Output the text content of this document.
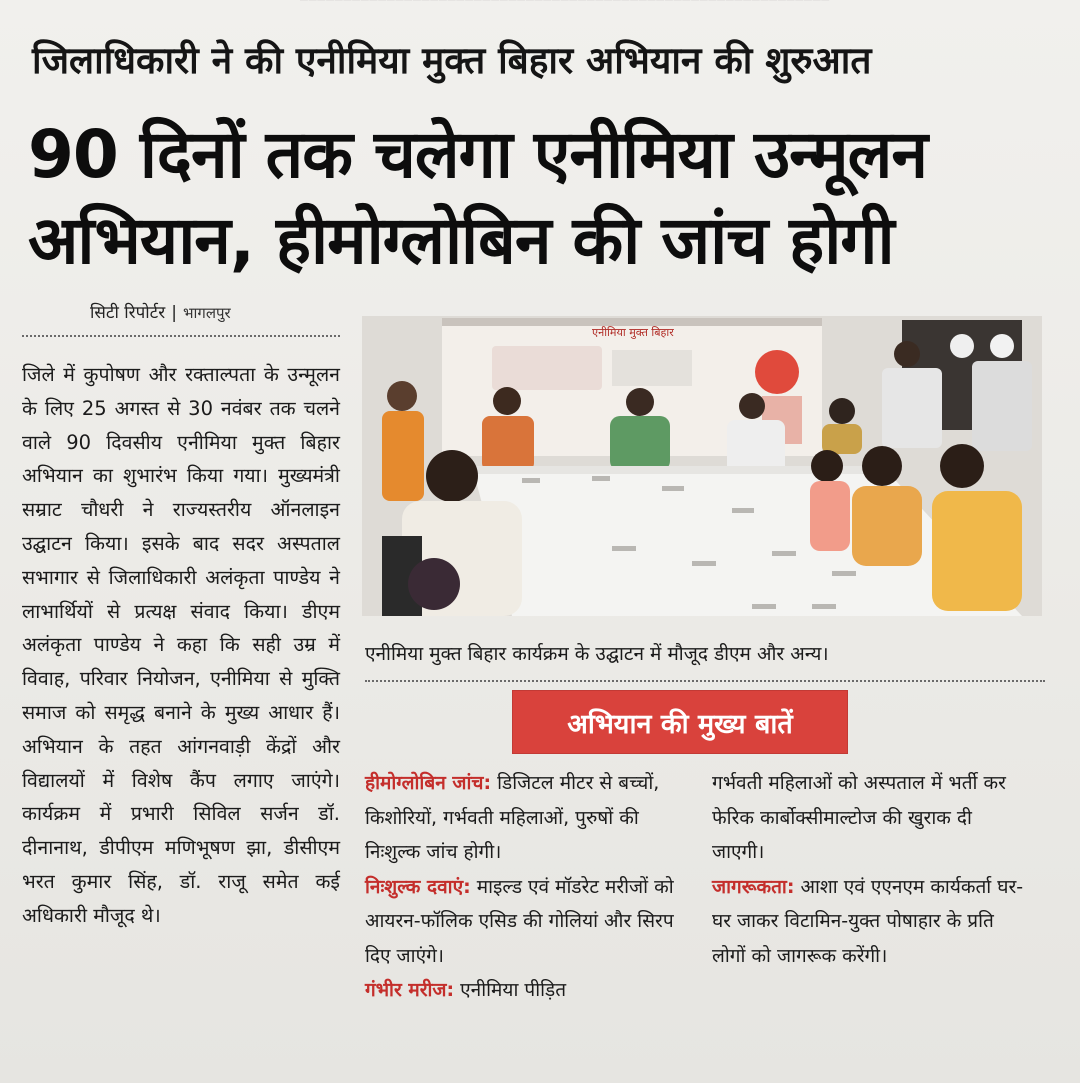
▔▔▔▔▔▔▔▔▔▔▔▔▔▔▔▔▔▔▔▔▔▔▔▔▔▔▔▔▔▔▔▔▔▔▔▔▔▔▔▔▔▔▔▔▔▔▔▔▔▔▔▔▔▔▔▔▔▔▔▔▔
जिलाधिकारी ने की एनीमिया मुक्त बिहार अभियान की शुरुआत
90 दिनों तक चलेगा एनीमिया उन्मूलन अभियान, हीमोग्लोबिन की जांच होगी
सिटी रिपोर्टर | भागलपुर
जिले में कुपोषण और रक्ताल्पता के उन्मूलन के लिए 25 अगस्त से 30 नवंबर तक चलने वाले 90 दिवसीय एनीमिया मुक्त बिहार अभियान का शुभारंभ किया गया। मुख्यमंत्री सम्राट चौधरी ने राज्यस्तरीय ऑनलाइन उद्घाटन किया। इसके बाद सदर अस्पताल सभागार से जिलाधिकारी अलंकृता पाण्डेय ने लाभार्थियों से प्रत्यक्ष संवाद किया। डीएम अलंकृता पाण्डेय ने कहा कि सही उम्र में विवाह, परिवार नियोजन, एनीमिया से मुक्ति समाज को समृद्ध बनाने के मुख्य आधार हैं। अभियान के तहत आंगनवाड़ी केंद्रों और विद्यालयों में विशेष कैंप लगाए जाएंगे। कार्यक्रम में प्रभारी सिविल सर्जन डॉ. दीनानाथ, डीपीएम मणिभूषण झा, डीसीएम भरत कुमार सिंह, डॉ. राजू समेत कई अधिकारी मौजूद थे।
एनीमिया मुक्त बिहार
एनीमिया मुक्त बिहार कार्यक्रम के उद्घाटन में मौजूद डीएम और अन्य।
अभियान की मुख्य बातें

हीमोग्लोबिन जांच: डिजिटल मीटर से बच्चों, किशोरियों, गर्भवती महिलाओं, पुरुषों की निःशुल्क जांच होगी।

निःशुल्क दवाएं: माइल्ड एवं मॉडरेट मरीजों को आयरन-फॉलिक एसिड की गोलियां और सिरप दिए जाएंगे।

गंभीर मरीज: एनीमिया पीड़ित

गर्भवती महिलाओं को अस्पताल में भर्ती कर फेरिक कार्बोक्सीमाल्टोज की खुराक दी जाएगी।

जागरूकता: आशा एवं एएनएम कार्यकर्ता घर-घर जाकर विटामिन-युक्त पोषाहार के प्रति लोगों को जागरूक करेंगी।
